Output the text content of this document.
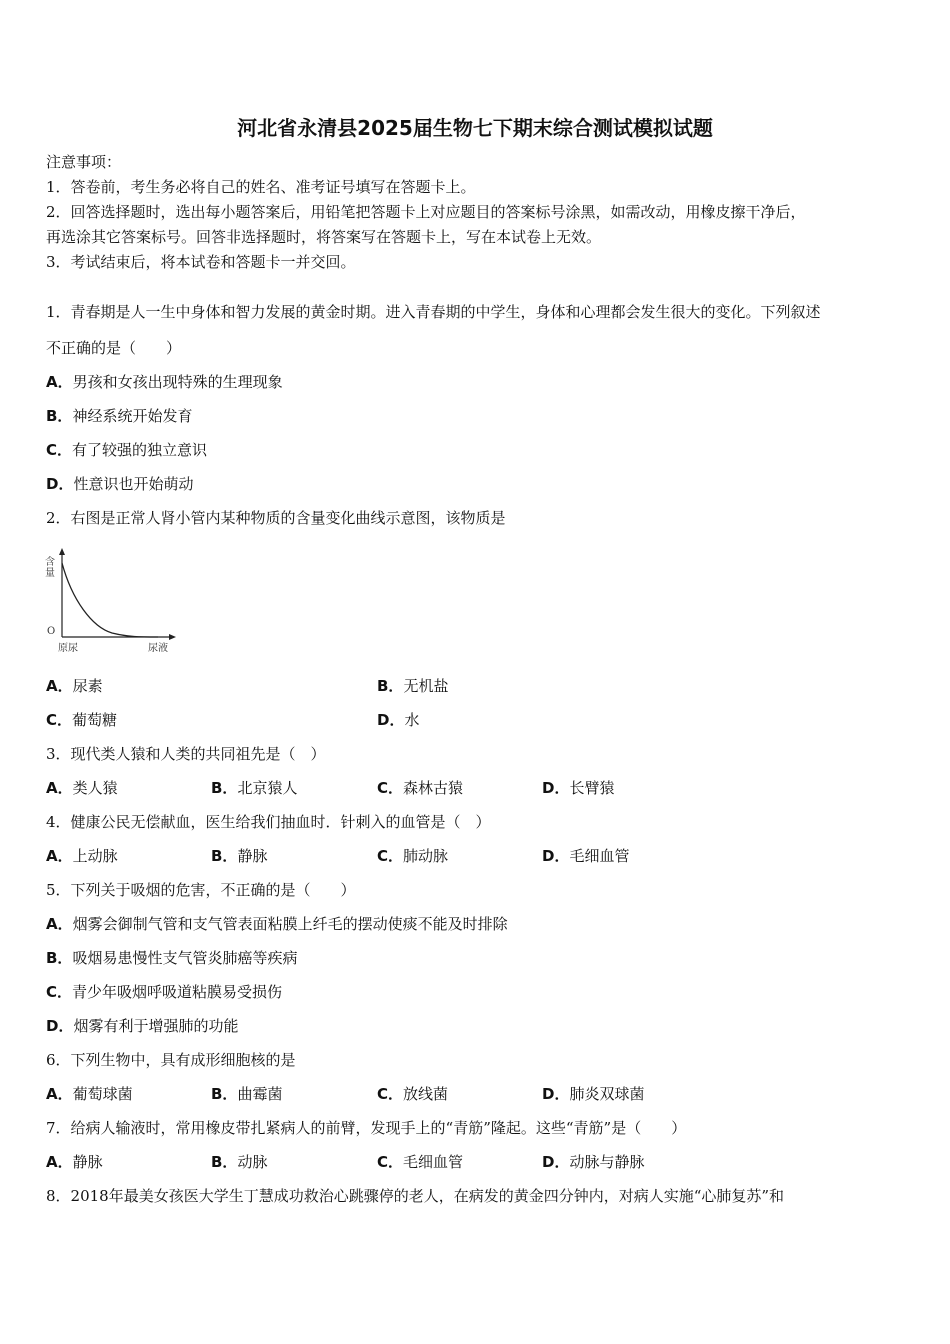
河北省永清县2025届生物七下期末综合测试模拟试题
注意事项：
1．答卷前，考生务必将自己的姓名、准考证号填写在答题卡上。
2．回答选择题时，选出每小题答案后，用铅笔把答题卡上对应题目的答案标号涂黑，如需改动，用橡皮擦干净后，
再选涂其它答案标号。回答非选择题时，将答案写在答题卡上，写在本试卷上无效。
3．考试结束后，将本试卷和答题卡一并交回。
1．青春期是人一生中身体和智力发展的黄金时期。进入青春期的中学生，身体和心理都会发生很大的变化。下列叙述
不正确的是（　　）
A．男孩和女孩出现特殊的生理现象
B．神经系统开始发育
C．有了较强的独立意识
D．性意识也开始萌动
2．右图是正常人肾小管内某种物质的含量变化曲线示意图，该物质是
含
量
O
原尿	尿液
A．尿素	B．无机盐
C．葡萄糖	D．水
3．现代类人猿和人类的共同祖先是（　）
A．类人猿	B．北京猿人	C．森林古猿	D．长臂猿
4．健康公民无偿献血，医生给我们抽血时．针刺入的血管是（　）
A．上动脉	B．静脉	C．肺动脉	D．毛细血管
5．下列关于吸烟的危害，不正确的是（　　）
A．烟雾会御制气管和支气管表面粘膜上纤毛的摆动使痰不能及时排除
B．吸烟易患慢性支气管炎肺癌等疾病
C．青少年吸烟呼吸道粘膜易受损伤
D．烟雾有利于增强肺的功能
6．下列生物中，具有成形细胞核的是
A．葡萄球菌	B．曲霉菌	C．放线菌	D．肺炎双球菌
7．给病人输液时，常用橡皮带扎紧病人的前臂，发现手上的“青筋”隆起。这些“青筋”是（　　）
A．静脉	B．动脉	C．毛细血管	D．动脉与静脉
8．2018年最美女孩医大学生丁慧成功救治心跳骤停的老人，在病发的黄金四分钟内，对病人实施“心肺复苏”和
